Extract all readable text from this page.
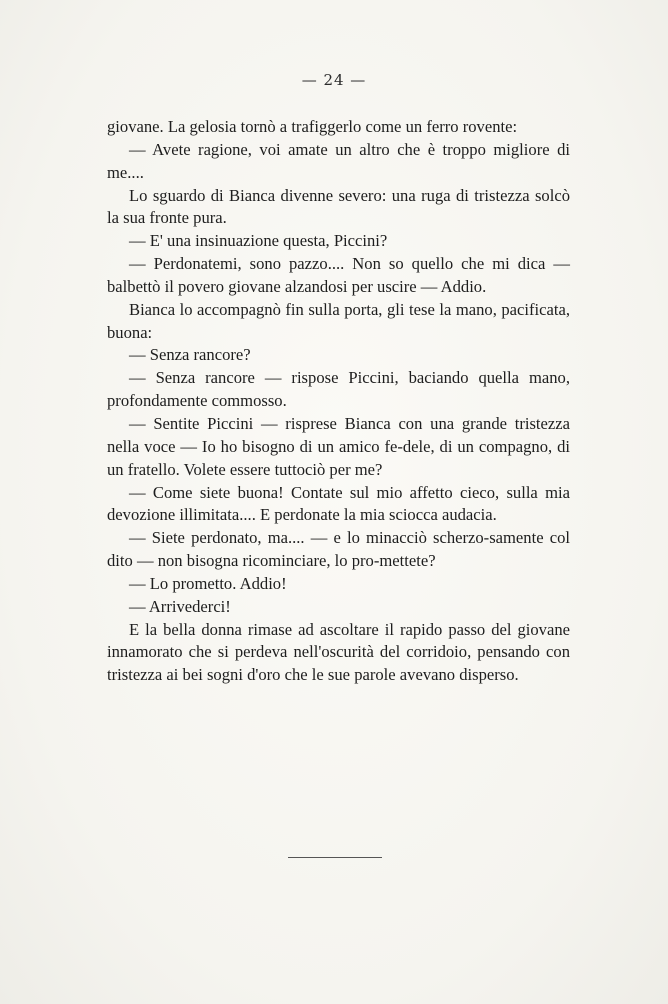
— 24 —

giovane. La gelosia tornò a trafiggerlo come un ferro rovente:

— Avete ragione, voi amate un altro che è troppo migliore di me....

Lo sguardo di Bianca divenne severo: una ruga di tristezza solcò la sua fronte pura.

— E' una insinuazione questa, Piccini?

— Perdonatemi, sono pazzo.... Non so quello che mi dica — balbettò il povero giovane alzandosi per uscire — Addio.

Bianca lo accompagnò fin sulla porta, gli tese la mano, pacificata, buona:

— Senza rancore?

— Senza rancore — rispose Piccini, baciando quella mano, profondamente commosso.

— Sentite Piccini — risprese Bianca con una grande tristezza nella voce — Io ho bisogno di un amico fe-dele, di un compagno, di un fratello. Volete essere tuttociò per me?

— Come siete buona! Contate sul mio affetto cieco, sulla mia devozione illimitata.... E perdonate la mia sciocca audacia.

— Siete perdonato, ma.... — e lo minacciò scherzo-samente col dito — non bisogna ricominciare, lo pro-mettete?

— Lo prometto. Addio!

— Arrivederci!

E la bella donna rimase ad ascoltare il rapido passo del giovane innamorato che si perdeva nell'oscurità del corridoio, pensando con tristezza ai bei sogni d'oro che le sue parole avevano disperso.
